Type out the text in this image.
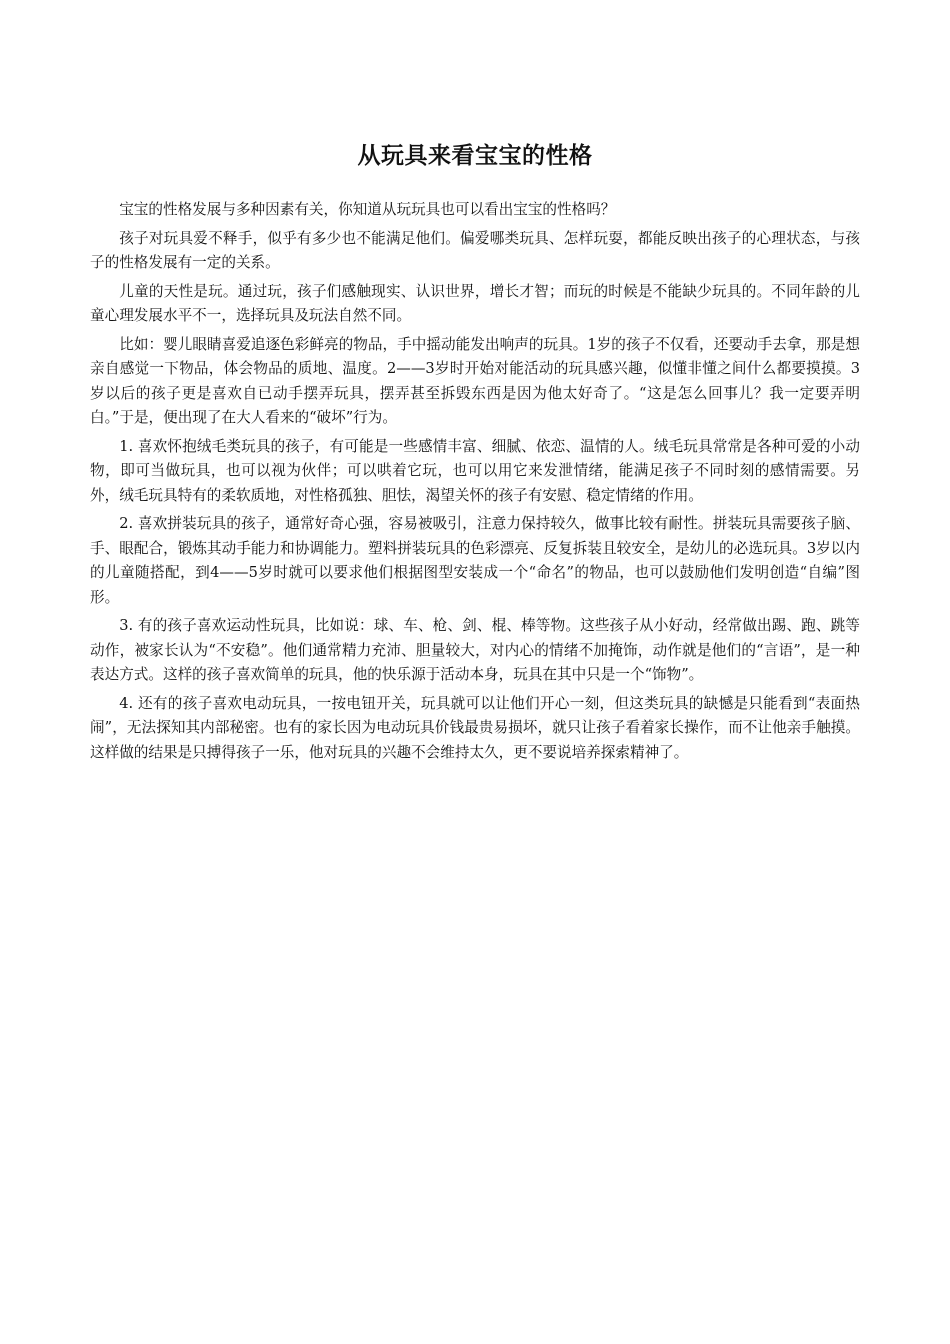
从玩具来看宝宝的性格

宝宝的性格发展与多种因素有关，你知道从玩玩具也可以看出宝宝的性格吗？

孩子对玩具爱不释手，似乎有多少也不能满足他们。偏爱哪类玩具、怎样玩耍，都能反映出孩子的心理状态，与孩子的性格发展有一定的关系。

儿童的天性是玩。通过玩，孩子们感触现实、认识世界，增长才智；而玩的时候是不能缺少玩具的。不同年龄的儿童心理发展水平不一，选择玩具及玩法自然不同。

比如：婴儿眼睛喜爱追逐色彩鲜亮的物品，手中摇动能发出响声的玩具。1岁的孩子不仅看，还要动手去拿，那是想亲自感觉一下物品，体会物品的质地、温度。2——3岁时开始对能活动的玩具感兴趣，似懂非懂之间什么都要摸摸。3岁以后的孩子更是喜欢自已动手摆弄玩具，摆弄甚至拆毁东西是因为他太好奇了。“这是怎么回事儿？我一定要弄明白。”于是，便出现了在大人看来的“破坏”行为。

1. 喜欢怀抱绒毛类玩具的孩子，有可能是一些感情丰富、细腻、依恋、温情的人。绒毛玩具常常是各种可爱的小动物，即可当做玩具，也可以视为伙伴；可以哄着它玩，也可以用它来发泄情绪，能满足孩子不同时刻的感情需要。另外，绒毛玩具特有的柔软质地，对性格孤独、胆怯，渴望关怀的孩子有安慰、稳定情绪的作用。

2. 喜欢拼装玩具的孩子，通常好奇心强，容易被吸引，注意力保持较久，做事比较有耐性。拼装玩具需要孩子脑、手、眼配合，锻炼其动手能力和协调能力。塑料拼装玩具的色彩漂亮、反复拆装且较安全，是幼儿的必选玩具。3岁以内的儿童随搭配，到4——5岁时就可以要求他们根据图型安装成一个“命名”的物品，也可以鼓励他们发明创造“自编”图形。

3. 有的孩子喜欢运动性玩具，比如说：球、车、枪、剑、棍、棒等物。这些孩子从小好动，经常做出踢、跑、跳等动作，被家长认为“不安稳”。他们通常精力充沛、胆量较大，对内心的情绪不加掩饰，动作就是他们的“言语”，是一种表达方式。这样的孩子喜欢简单的玩具，他的快乐源于活动本身，玩具在其中只是一个“饰物”。

4. 还有的孩子喜欢电动玩具，一按电钮开关，玩具就可以让他们开心一刻，但这类玩具的缺憾是只能看到“表面热闹”，无法探知其内部秘密。也有的家长因为电动玩具价钱最贵易损坏，就只让孩子看着家长操作，而不让他亲手触摸。这样做的结果是只搏得孩子一乐，他对玩具的兴趣不会维持太久，更不要说培养探索精神了。
